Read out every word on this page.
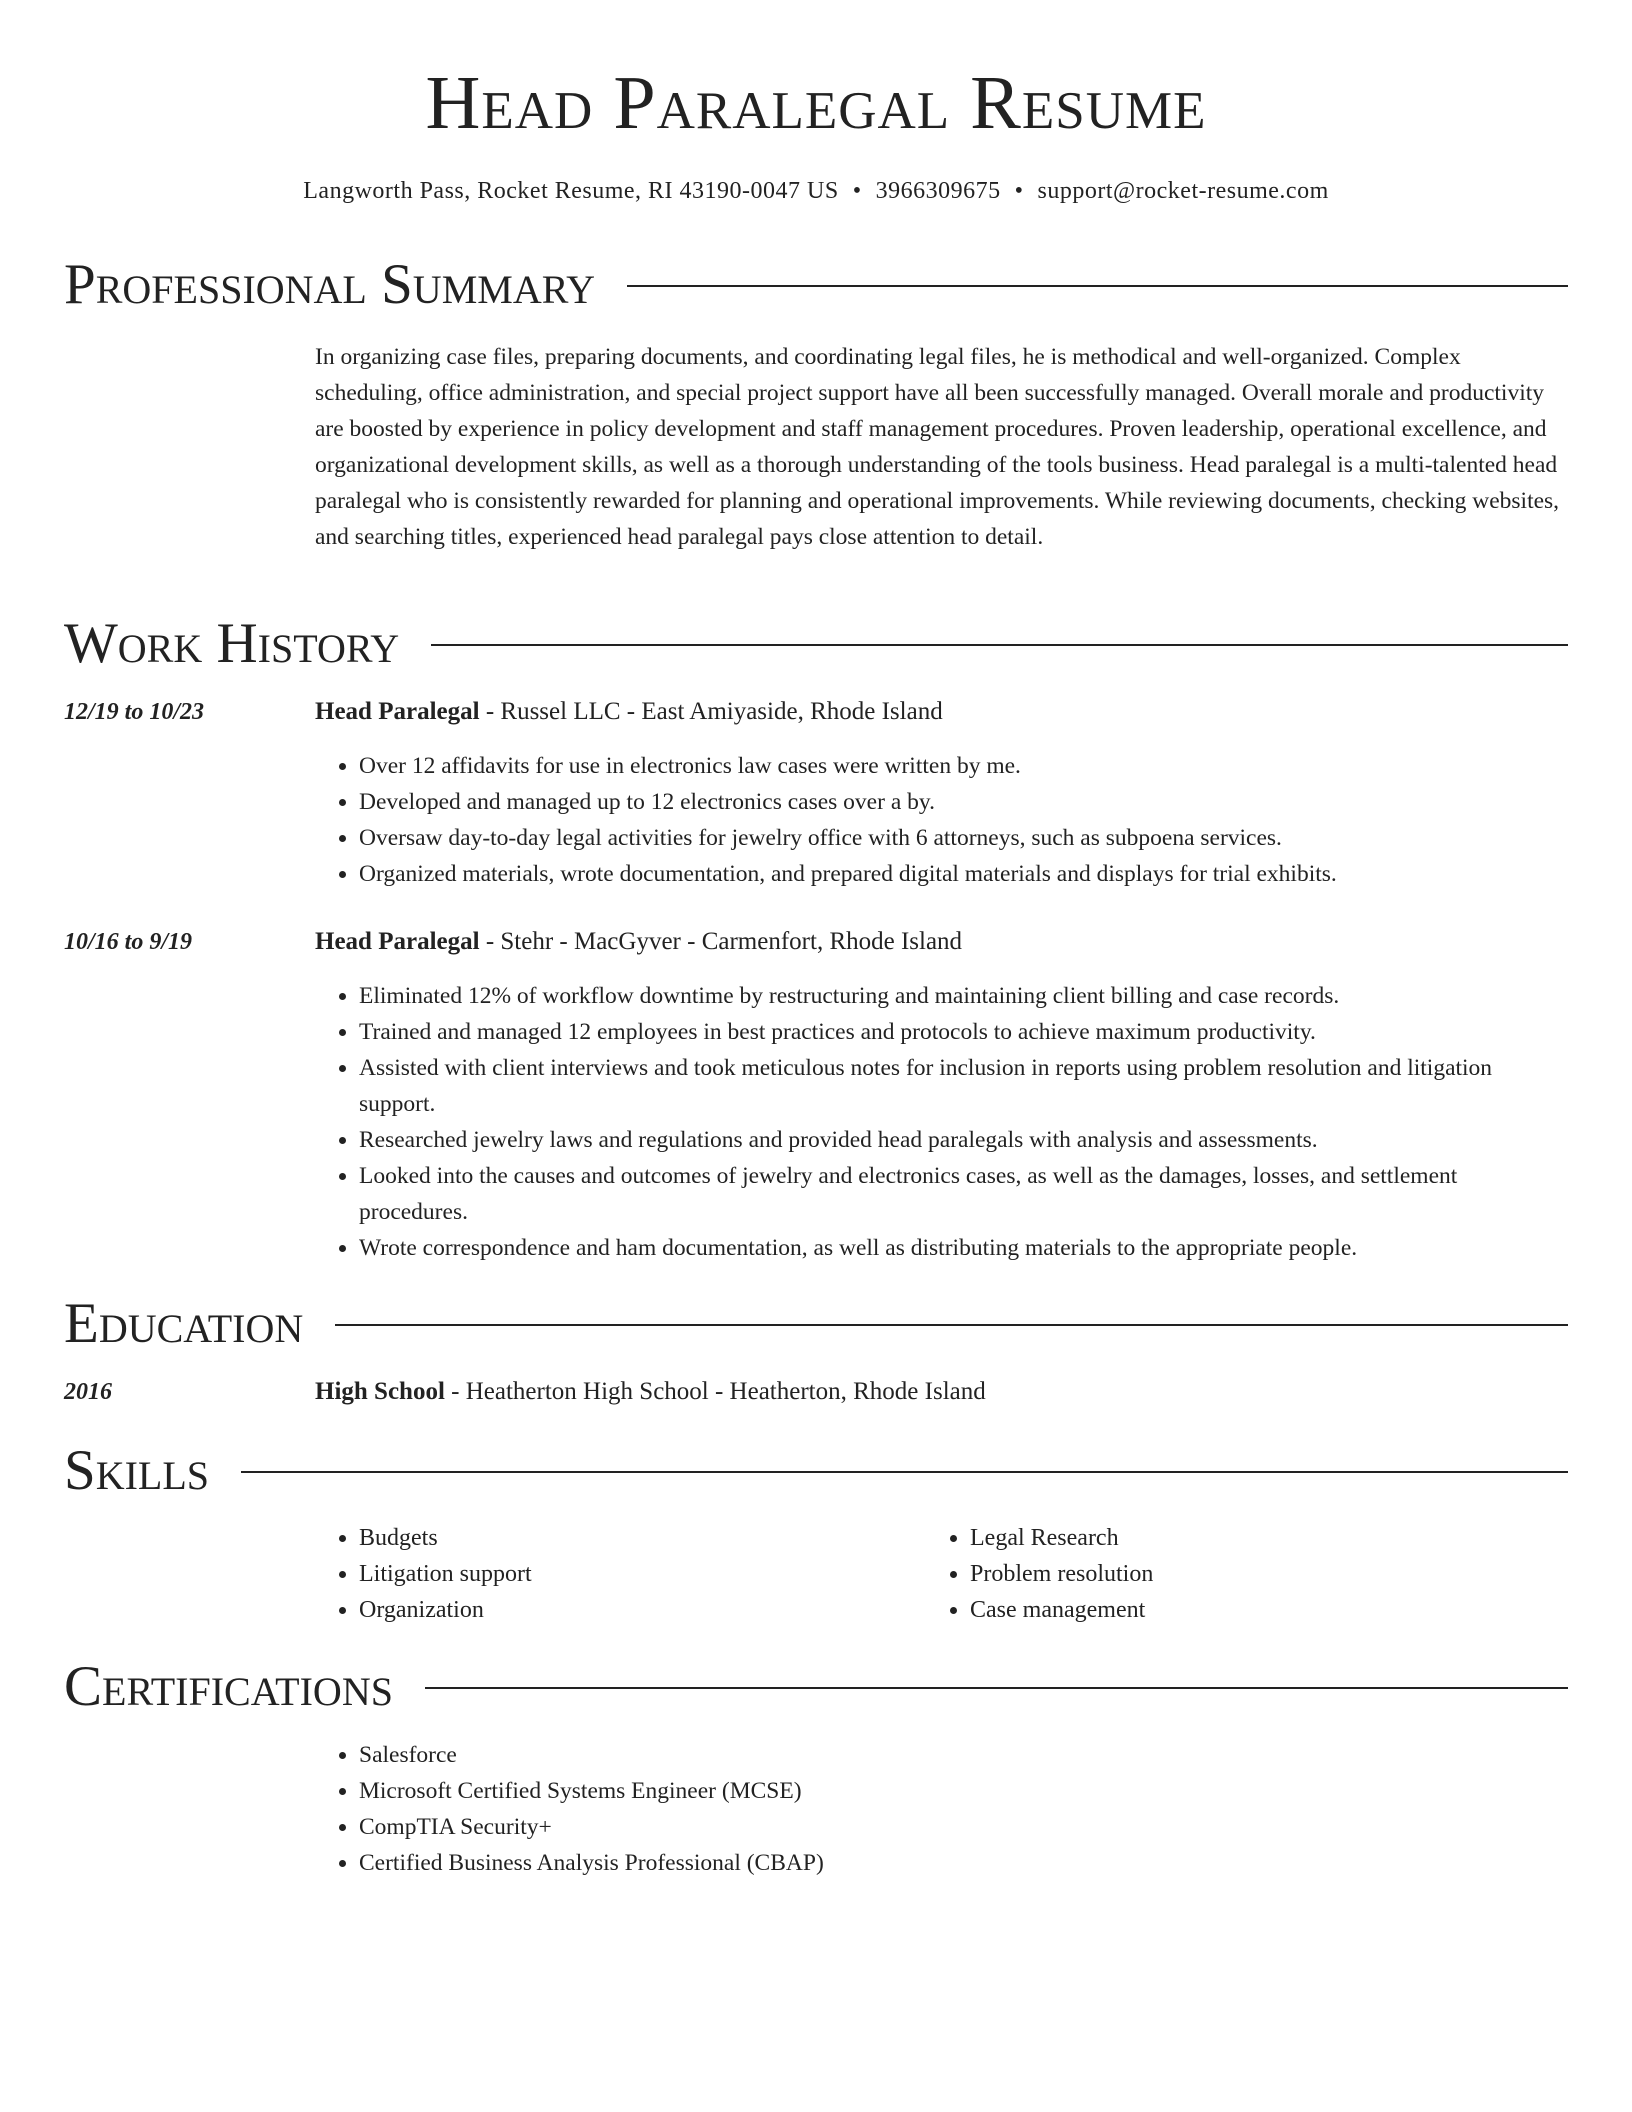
Head Paralegal Resume
Langworth Pass, Rocket Resume, RI 43190-0047 US • 3966309675 • support@rocket-resume.com
Professional Summary

In organizing case files, preparing documents, and coordinating legal files, he is methodical and well-organized. Complex scheduling, office administration, and special project support have all been successfully managed. Overall morale and productivity are boosted by experience in policy development and staff management procedures. Proven leadership, operational excellence, and organizational development skills, as well as a thorough understanding of the tools business. Head paralegal is a multi-talented head paralegal who is consistently rewarded for planning and operational improvements. While reviewing documents, checking websites, and searching titles, experienced head paralegal pays close attention to detail.

Work History
12/19 to 10/23	Head Paralegal - Russel LLC - East Amiyaside, Rhode Island
• Over 12 affidavits for use in electronics law cases were written by me.
• Developed and managed up to 12 electronics cases over a by.
• Oversaw day-to-day legal activities for jewelry office with 6 attorneys, such as subpoena services.
• Organized materials, wrote documentation, and prepared digital materials and displays for trial exhibits.
10/16 to 9/19	Head Paralegal - Stehr - MacGyver - Carmenfort, Rhode Island
• Eliminated 12% of workflow downtime by restructuring and maintaining client billing and case records.
• Trained and managed 12 employees in best practices and protocols to achieve maximum productivity.
• Assisted with client interviews and took meticulous notes for inclusion in reports using problem resolution and litigation support.
• Researched jewelry laws and regulations and provided head paralegals with analysis and assessments.
• Looked into the causes and outcomes of jewelry and electronics cases, as well as the damages, losses, and settlement procedures.
• Wrote correspondence and ham documentation, as well as distributing materials to the appropriate people.
Education
2016	High School - Heatherton High School - Heatherton, Rhode Island
Skills
• Budgets
• Litigation support
• Organization
• Legal Research
• Problem resolution
• Case management
Certifications
• Salesforce
• Microsoft Certified Systems Engineer (MCSE)
• CompTIA Security+
• Certified Business Analysis Professional (CBAP)
